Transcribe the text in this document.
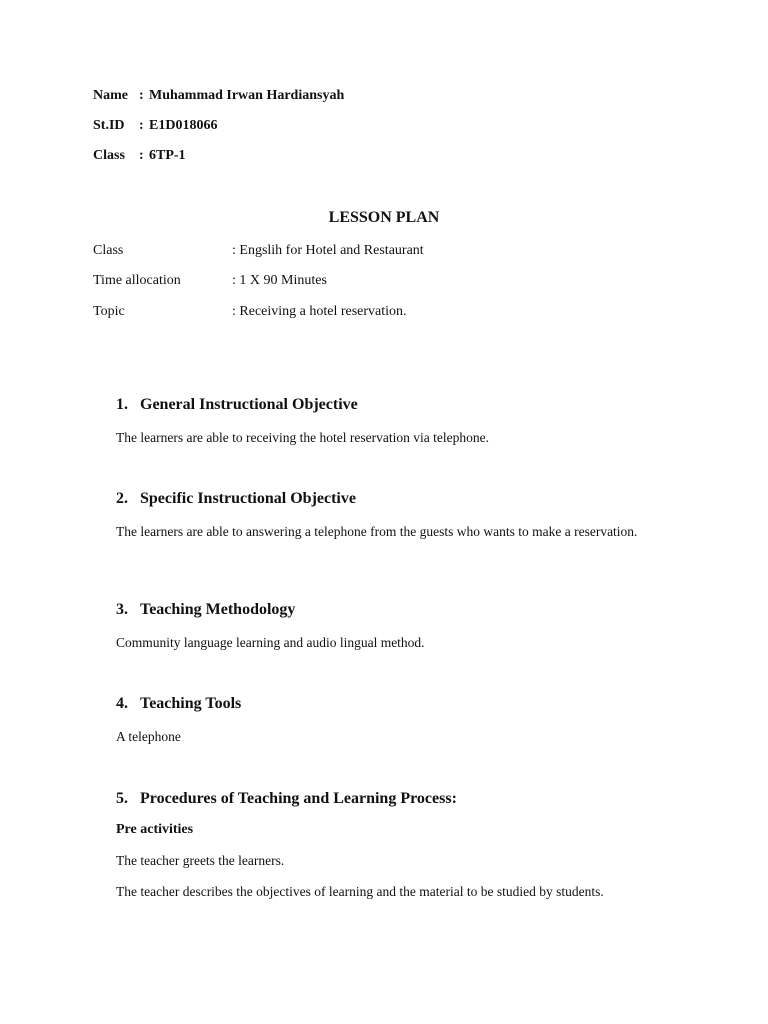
Name : Muhammad Irwan Hardiansyah
St.ID : E1D018066
Class : 6TP-1
LESSON PLAN
Class	: Engslih for Hotel and Restaurant
Time allocation	: 1 X 90 Minutes
Topic	: Receiving a hotel reservation.
1. General Instructional Objective
The learners are able to receiving the hotel reservation via telephone.
2. Specific Instructional Objective
The learners are able to answering a telephone from the guests who wants to make a reservation.
3. Teaching Methodology
Community language learning and audio lingual method.
4. Teaching Tools
A telephone
5. Procedures of Teaching and Learning Process:
Pre activities
The teacher greets the learners.
The teacher describes the objectives of learning and the material to be studied by students.
